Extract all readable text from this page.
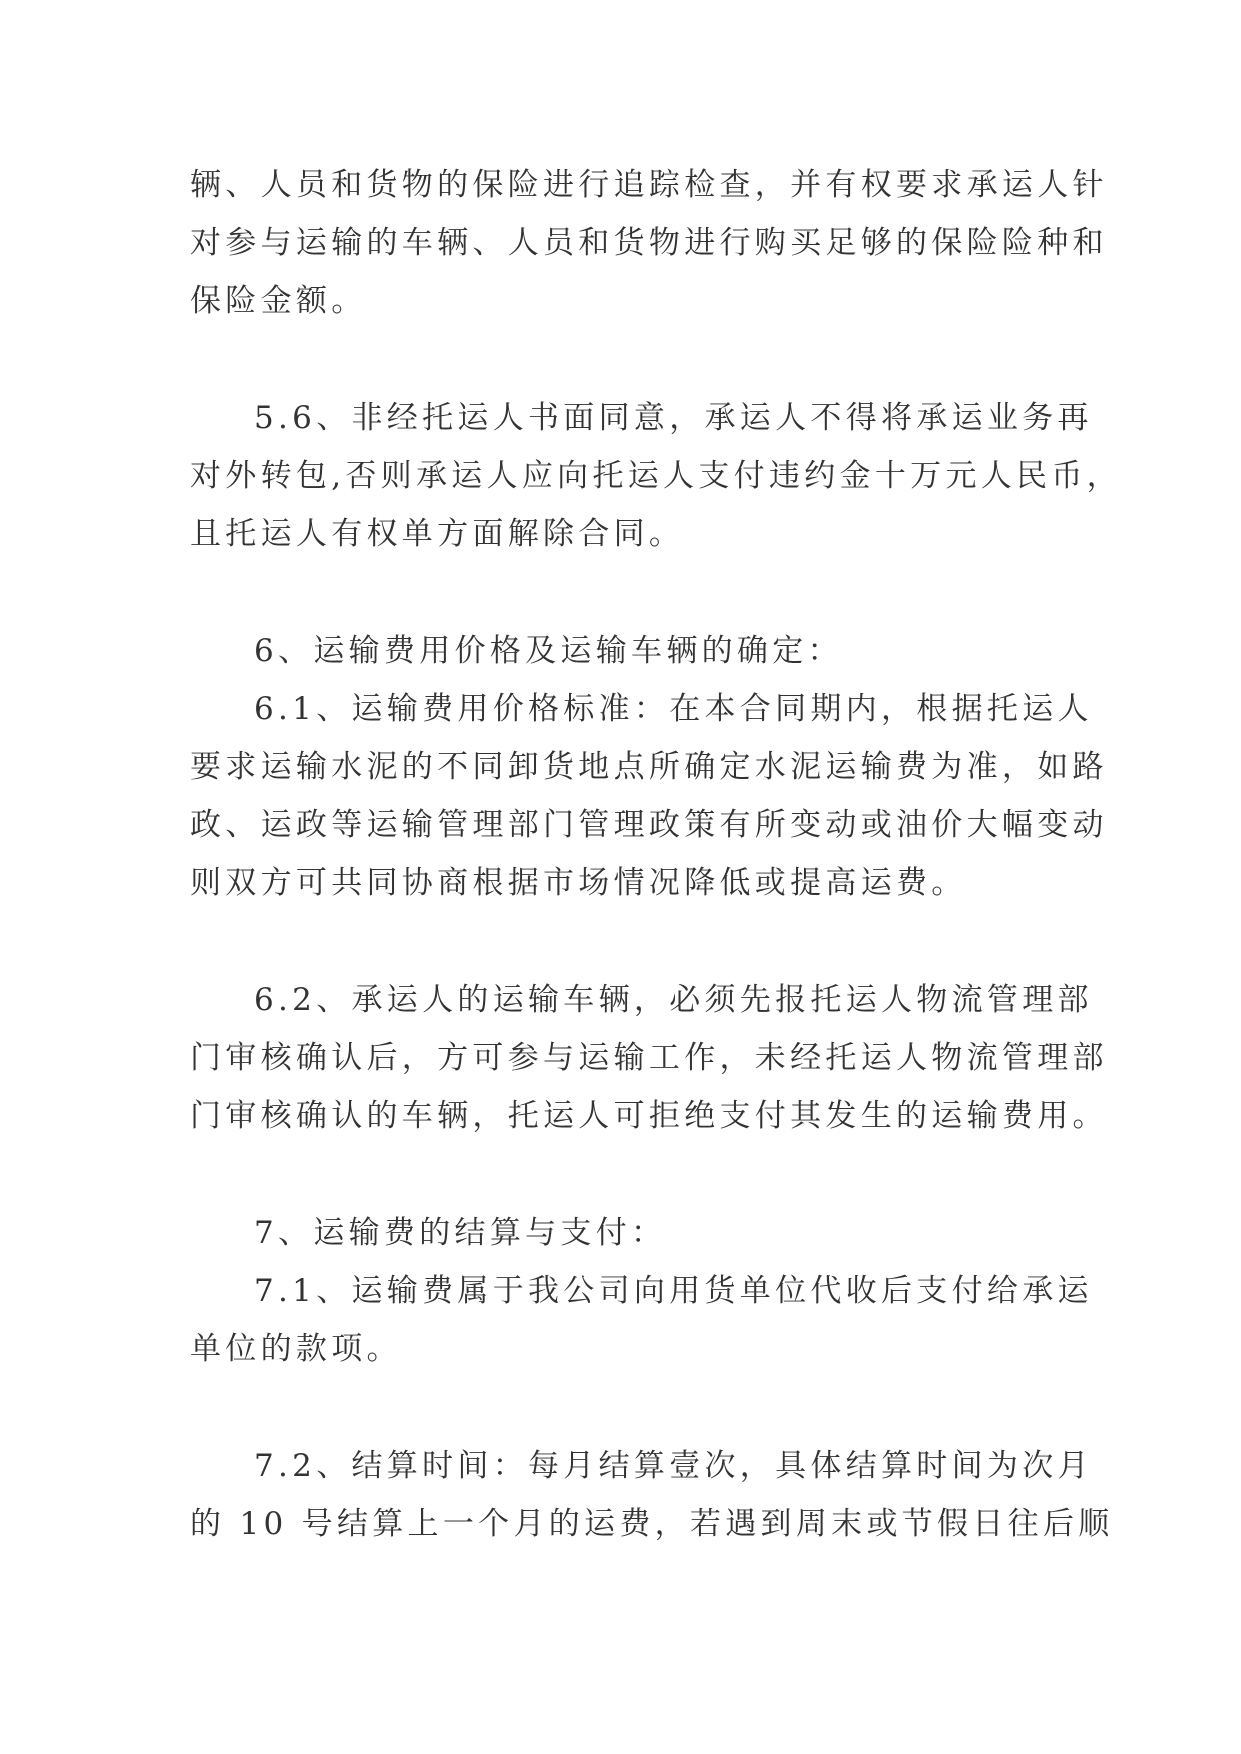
辆、人员和货物的保险进行追踪检查，并有权要求承运人针
对参与运输的车辆、人员和货物进行购买足够的保险险种和
保险金额。
5.6、非经托运人书面同意，承运人不得将承运业务再
对外转包,否则承运人应向托运人支付违约金十万元人民币，
且托运人有权单方面解除合同。
6、运输费用价格及运输车辆的确定：
6.1、运输费用价格标准：在本合同期内，根据托运人
要求运输水泥的不同卸货地点所确定水泥运输费为准，如路
政、运政等运输管理部门管理政策有所变动或油价大幅变动
则双方可共同协商根据市场情况降低或提高运费。
6.2、承运人的运输车辆，必须先报托运人物流管理部
门审核确认后，方可参与运输工作，未经托运人物流管理部
门审核确认的车辆，托运人可拒绝支付其发生的运输费用。
7、运输费的结算与支付：
7.1、运输费属于我公司向用货单位代收后支付给承运
单位的款项。
7.2、结算时间：每月结算壹次，具体结算时间为次月
的 10 号结算上一个月的运费，若遇到周末或节假日往后顺
